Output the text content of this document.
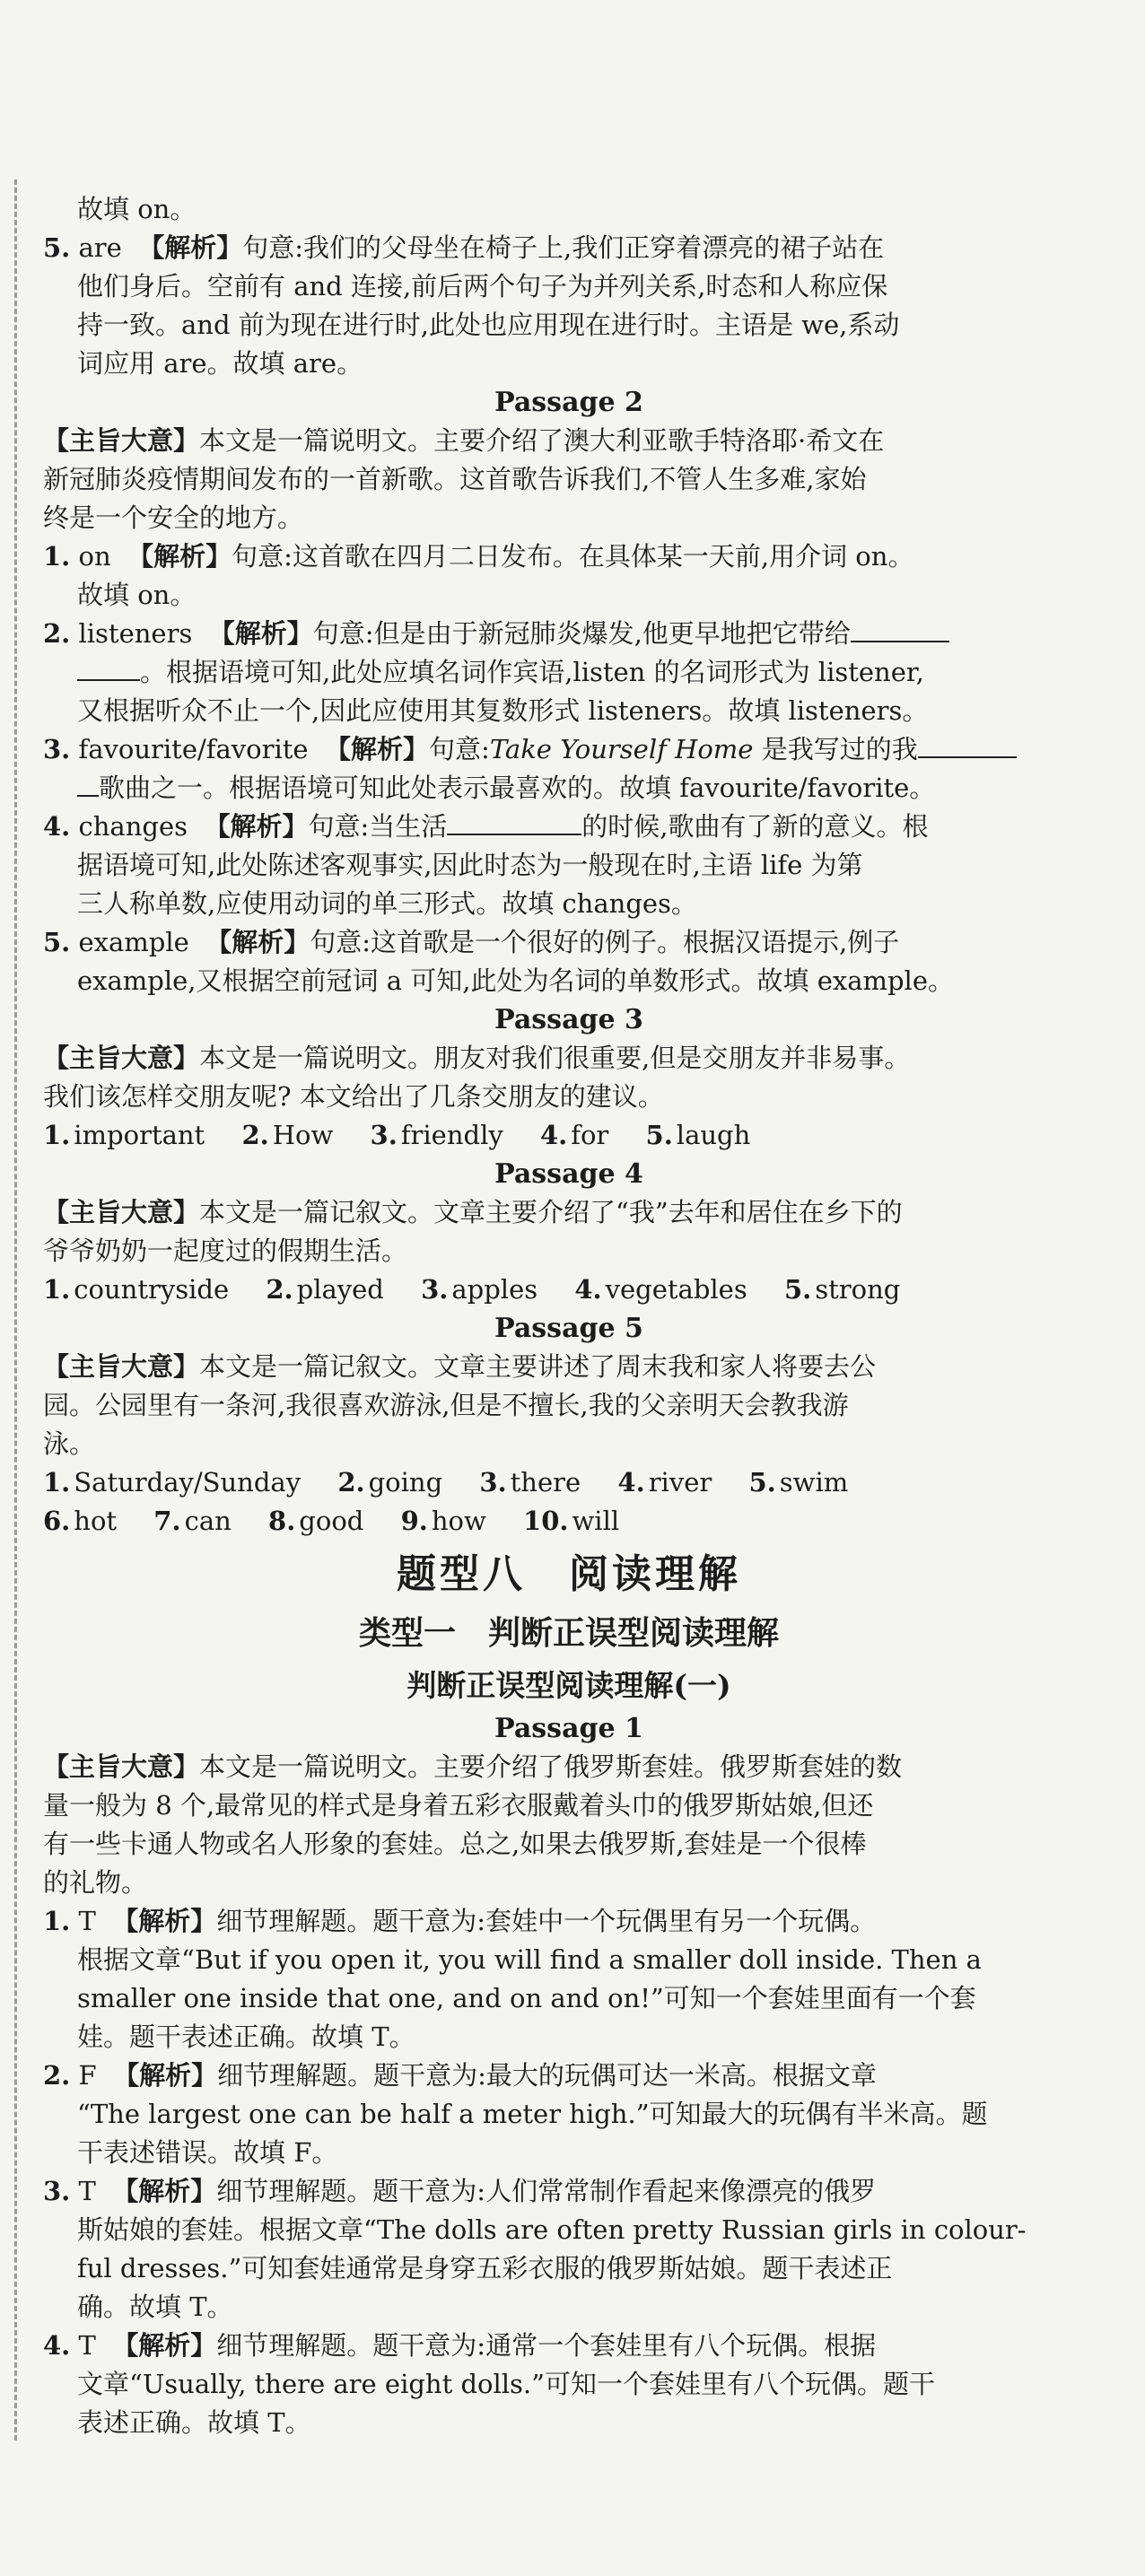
故填 on。
5. are 【解析】句意:我们的父母坐在椅子上,我们正穿着漂亮的裙子站在
他们身后。空前有 and 连接,前后两个句子为并列关系,时态和人称应保
持一致。and 前为现在进行时,此处也应用现在进行时。主语是 we,系动
词应用 are。故填 are。
Passage 2
【主旨大意】本文是一篇说明文。主要介绍了澳大利亚歌手特洛耶·希文在
新冠肺炎疫情期间发布的一首新歌。这首歌告诉我们,不管人生多难,家始
终是一个安全的地方。
1. on 【解析】句意:这首歌在四月二日发布。在具体某一天前,用介词 on。
故填 on。
2. listeners 【解析】句意:但是由于新冠肺炎爆发,他更早地把它带给
。根据语境可知,此处应填名词作宾语,listen 的名词形式为 listener,
又根据听众不止一个,因此应使用其复数形式 listeners。故填 listeners。
3. favourite/favorite 【解析】句意:Take Yourself Home 是我写过的我
歌曲之一。根据语境可知此处表示最喜欢的。故填 favourite/favorite。
4. changes 【解析】句意:当生活	的时候,歌曲有了新的意义。根
据语境可知,此处陈述客观事实,因此时态为一般现在时,主语 life 为第
三人称单数,应使用动词的单三形式。故填 changes。
5. example 【解析】句意:这首歌是一个很好的例子。根据汉语提示,例子
example,又根据空前冠词 a 可知,此处为名词的单数形式。故填 example。
Passage 3
【主旨大意】本文是一篇说明文。朋友对我们很重要,但是交朋友并非易事。
我们该怎样交朋友呢? 本文给出了几条交朋友的建议。
1. important 2. How 3. friendly 4. for 5. laugh
Passage 4
【主旨大意】本文是一篇记叙文。文章主要介绍了“我”去年和居住在乡下的
爷爷奶奶一起度过的假期生活。
1. countryside 2. played 3. apples 4. vegetables 5. strong
Passage 5
【主旨大意】本文是一篇记叙文。文章主要讲述了周末我和家人将要去公
园。公园里有一条河,我很喜欢游泳,但是不擅长,我的父亲明天会教我游
泳。
1. Saturday/Sunday 2. going 3. there 4. river 5. swim
6. hot 7. can 8. good 9. how 10. will
题型八　阅读理解
类型一　判断正误型阅读理解
判断正误型阅读理解(一)
Passage 1
【主旨大意】本文是一篇说明文。主要介绍了俄罗斯套娃。俄罗斯套娃的数
量一般为 8 个,最常见的样式是身着五彩衣服戴着头巾的俄罗斯姑娘,但还
有一些卡通人物或名人形象的套娃。总之,如果去俄罗斯,套娃是一个很棒
的礼物。
1. T 【解析】细节理解题。题干意为:套娃中一个玩偶里有另一个玩偶。
根据文章“But if you open it, you will find a smaller doll inside. Then a
smaller one inside that one, and on and on!”可知一个套娃里面有一个套
娃。题干表述正确。故填 T。
2. F 【解析】细节理解题。题干意为:最大的玩偶可达一米高。根据文章
“The largest one can be half a meter high.”可知最大的玩偶有半米高。题
干表述错误。故填 F。
3. T 【解析】细节理解题。题干意为:人们常常制作看起来像漂亮的俄罗
斯姑娘的套娃。根据文章“The dolls are often pretty Russian girls in colour-
ful dresses.”可知套娃通常是身穿五彩衣服的俄罗斯姑娘。题干表述正
确。故填 T。
4. T 【解析】细节理解题。题干意为:通常一个套娃里有八个玩偶。根据
文章“Usually, there are eight dolls.”可知一个套娃里有八个玩偶。题干
表述正确。故填 T。
